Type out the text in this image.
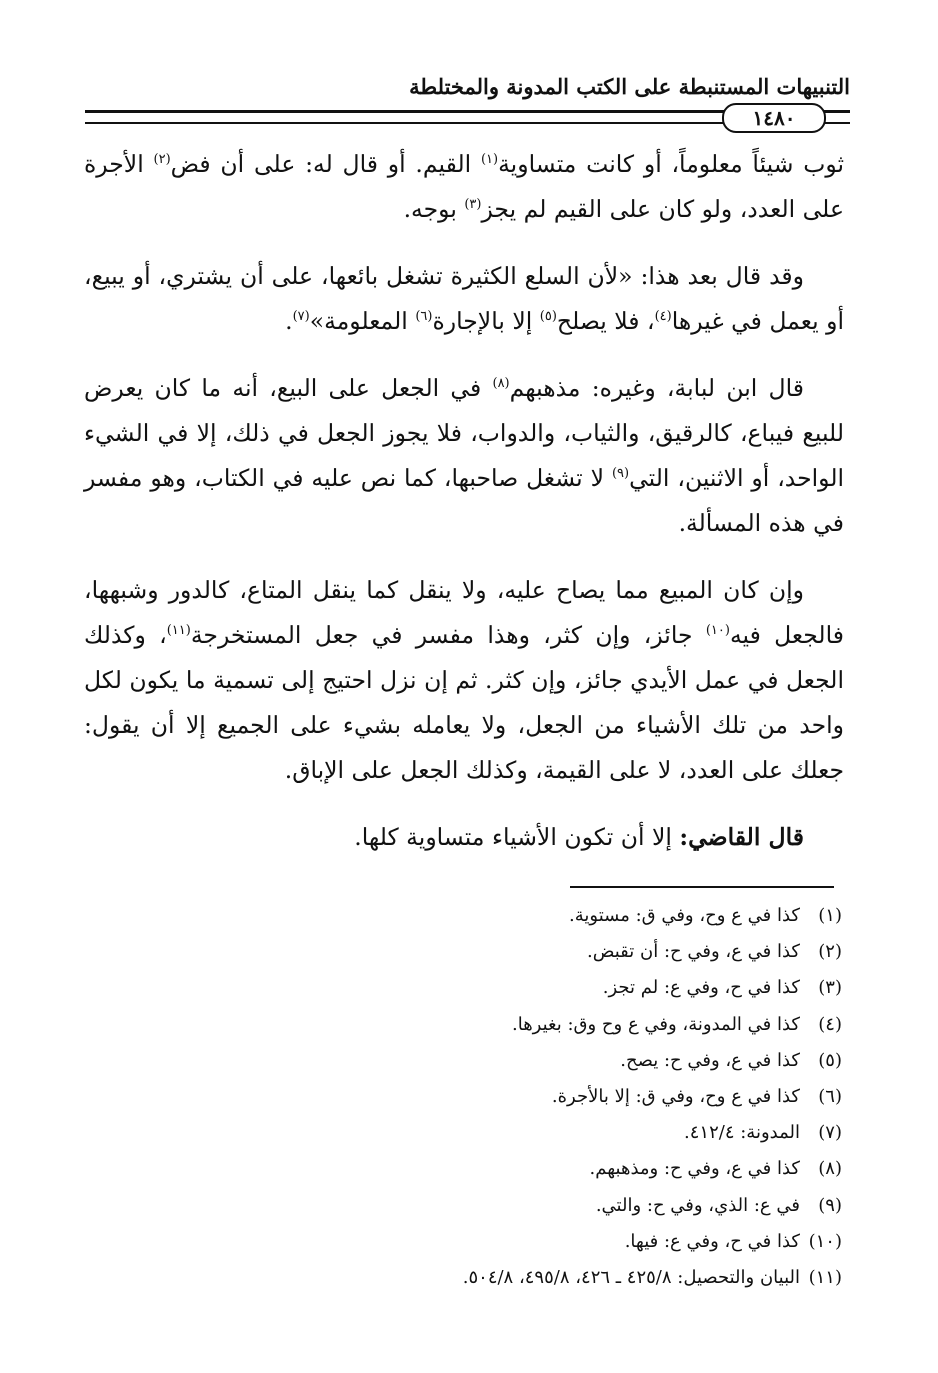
التنبيهات المستنبطة على الكتب المدونة والمختلطة
١٤٨٠

ثوب شيئاً معلوماً، أو كانت متساوية$^{(١)}$ القيم. أو قال له: على أن فض$^{(٢)}$ الأجرة على العدد، ولو كان على القيم لم يجز$^{(٣)}$ بوجه.

وقد قال بعد هذا: «لأن السلع الكثيرة تشغل بائعها، على أن يشتري، أو يبيع، أو يعمل في غيرها$^{(٤)}$، فلا يصلح$^{(٥)}$ إلا بالإجارة$^{(٦)}$ المعلومة»$^{(٧)}$.

قال ابن لبابة، وغيره: مذهبهم$^{(٨)}$ في الجعل على البيع، أنه ما كان يعرض للبيع فيباع، كالرقيق، والثياب، والدواب، فلا يجوز الجعل في ذلك، إلا في الشيء الواحد، أو الاثنين، التي$^{(٩)}$ لا تشغل صاحبها، كما نص عليه في الكتاب، وهو مفسر في هذه المسألة.

وإن كان المبيع مما يصاح عليه، ولا ينقل كما ينقل المتاع، كالدور وشبهها، فالجعل فيه$^{(١٠)}$ جائز، وإن كثر، وهذا مفسر في جعل المستخرجة$^{(١١)}$، وكذلك الجعل في عمل الأيدي جائز، وإن كثر. ثم إن نزل احتيج إلى تسمية ما يكون لكل واحد من تلك الأشياء من الجعل، ولا يعامله بشيء على الجميع إلا أن يقول: جعلك على العدد، لا على القيمة، وكذلك الجعل على الإباق.

قال القاضي: إلا أن تكون الأشياء متساوية كلها.

(١)كذا في ع وح، وفي ق: مستوية.
(٢)كذا في ع، وفي ح: أن تقبض.
(٣)كذا في ح، وفي ع: لم تجز.
(٤)كذا في المدونة، وفي ع وح وق: بغيرها.
(٥)كذا في ع، وفي ح: يصح.
(٦)كذا في ع وح، وفي ق: إلا بالأجرة.
(٧)المدونة: ٤١٢/٤.
(٨)كذا في ع، وفي ح: ومذهبهم.
(٩)في ع: الذي، وفي ح: والتي.
(١٠)كذا في ح، وفي ع: فيها.
(١١)البيان والتحصيل: ٤٢٥/٨ ـ ٤٢٦، ٤٩٥/٨، ٥٠٤/٨.
